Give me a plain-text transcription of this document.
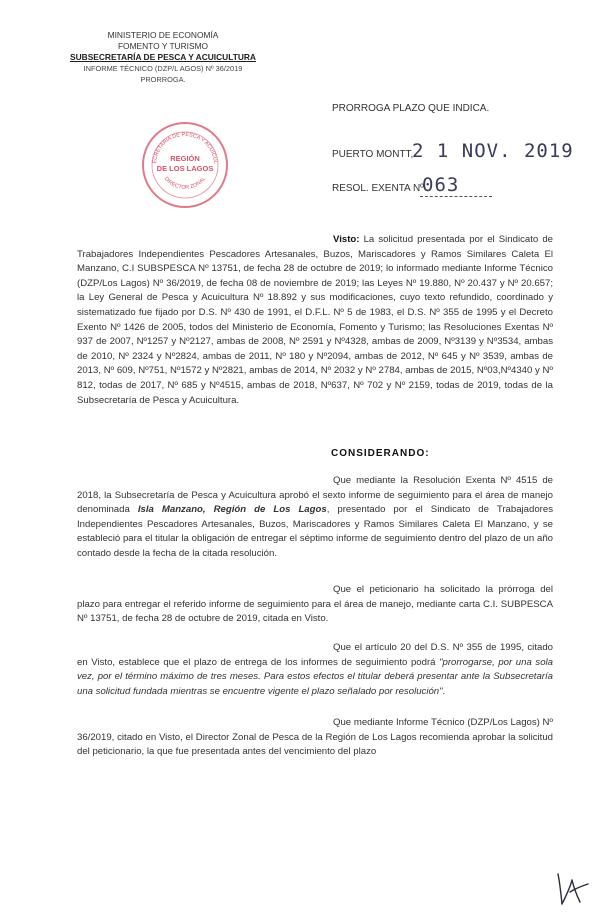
MINISTERIO DE ECONOMÍA
FOMENTO Y TURISMO
SUBSECRETARÍA DE PESCA Y ACUICULTURA
INFORME TÉCNICO (DZP/L AGOS) Nº 36/2019
PRORROGA.
ECRETARIA DE PESCA Y ACUICUL
DIRECTOR ZONAL
REGIÓN
DE LOS LAGOS
PRORROGA PLAZO QUE INDICA.
PUERTO MONTT,
2 1 NOV. 2019
RESOL. EXENTA Nº
063
Visto: La solicitud presentada por el Sindicato de Trabajadores Independientes Pescadores Artesanales, Buzos, Mariscadores y Ramos Similares Caleta El Manzano, C.I SUBSPESCA Nº 13751, de fecha 28 de octubre de 2019; lo informado mediante Informe Técnico (DZP/Los Lagos) Nº 36/2019, de fecha 08 de noviembre de 2019; las Leyes Nº 19.880, Nº 20.437 y Nº 20.657; la Ley General de Pesca y Acuicultura Nº 18.892 y sus modificaciones, cuyo texto refundido, coordinado y sistematizado fue fijado por D.S. Nº 430 de 1991, el D.F.L. Nº 5 de 1983, el D.S. Nº 355 de 1995 y el Decreto Exento Nº 1426 de 2005, todos del Ministerio de Economía, Fomento y Turismo; las Resoluciones Exentas Nº 937 de 2007, Nº1257 y Nº2127, ambas de 2008, Nº 2591 y Nº4328, ambas de 2009, Nº3139 y Nº3534, ambas de 2010, Nº 2324 y Nº2824, ambas de 2011, Nº 180 y Nº2094, ambas de 2012, Nº 645 y Nº 3539, ambas de 2013, Nº 609, Nº751, Nº1572 y Nº2821, ambas de 2014, Nº 2032 y Nº 2784, ambas de 2015, Nº03,Nº4340 y Nº 812, todas de 2017, Nº 685 y Nº4515, ambas de 2018, Nº637, Nº 702 y Nº 2159, todas de 2019, todas de la Subsecretaría de Pesca y Acuicultura.
CONSIDERANDO:
Que mediante la Resolución Exenta Nº 4515 de 2018, la Subsecretaría de Pesca y Acuicultura aprobó el sexto informe de seguimiento para el área de manejo denominada Isla Manzano, Región de Los Lagos, presentado por el Sindicato de Trabajadores Independientes Pescadores Artesanales, Buzos, Mariscadores y Ramos Similares Caleta El Manzano, y se estableció para el titular la obligación de entregar el séptimo informe de seguimiento dentro del plazo de un año contado desde la fecha de la citada resolución.
Que el peticionario ha solicitado la prórroga del plazo para entregar el referido informe de seguimiento para el área de manejo, mediante carta C.I. SUBPESCA Nº 13751, de fecha 28 de octubre de 2019, citada en Visto.
Que el artículo 20 del D.S. Nº 355 de 1995, citado en Visto, establece que el plazo de entrega de los informes de seguimiento podrá "prorrogarse, por una sola vez, por el término máximo de tres meses. Para estos efectos el titular deberá presentar ante la Subsecretaría una solicitud fundada mientras se encuentre vigente el plazo señalado por resolución".
Que mediante Informe Técnico (DZP/Los Lagos) Nº 36/2019, citado en Visto, el Director Zonal de Pesca de la Región de Los Lagos recomienda aprobar la solicitud del peticionario, la que fue presentada antes del vencimiento del plazo
